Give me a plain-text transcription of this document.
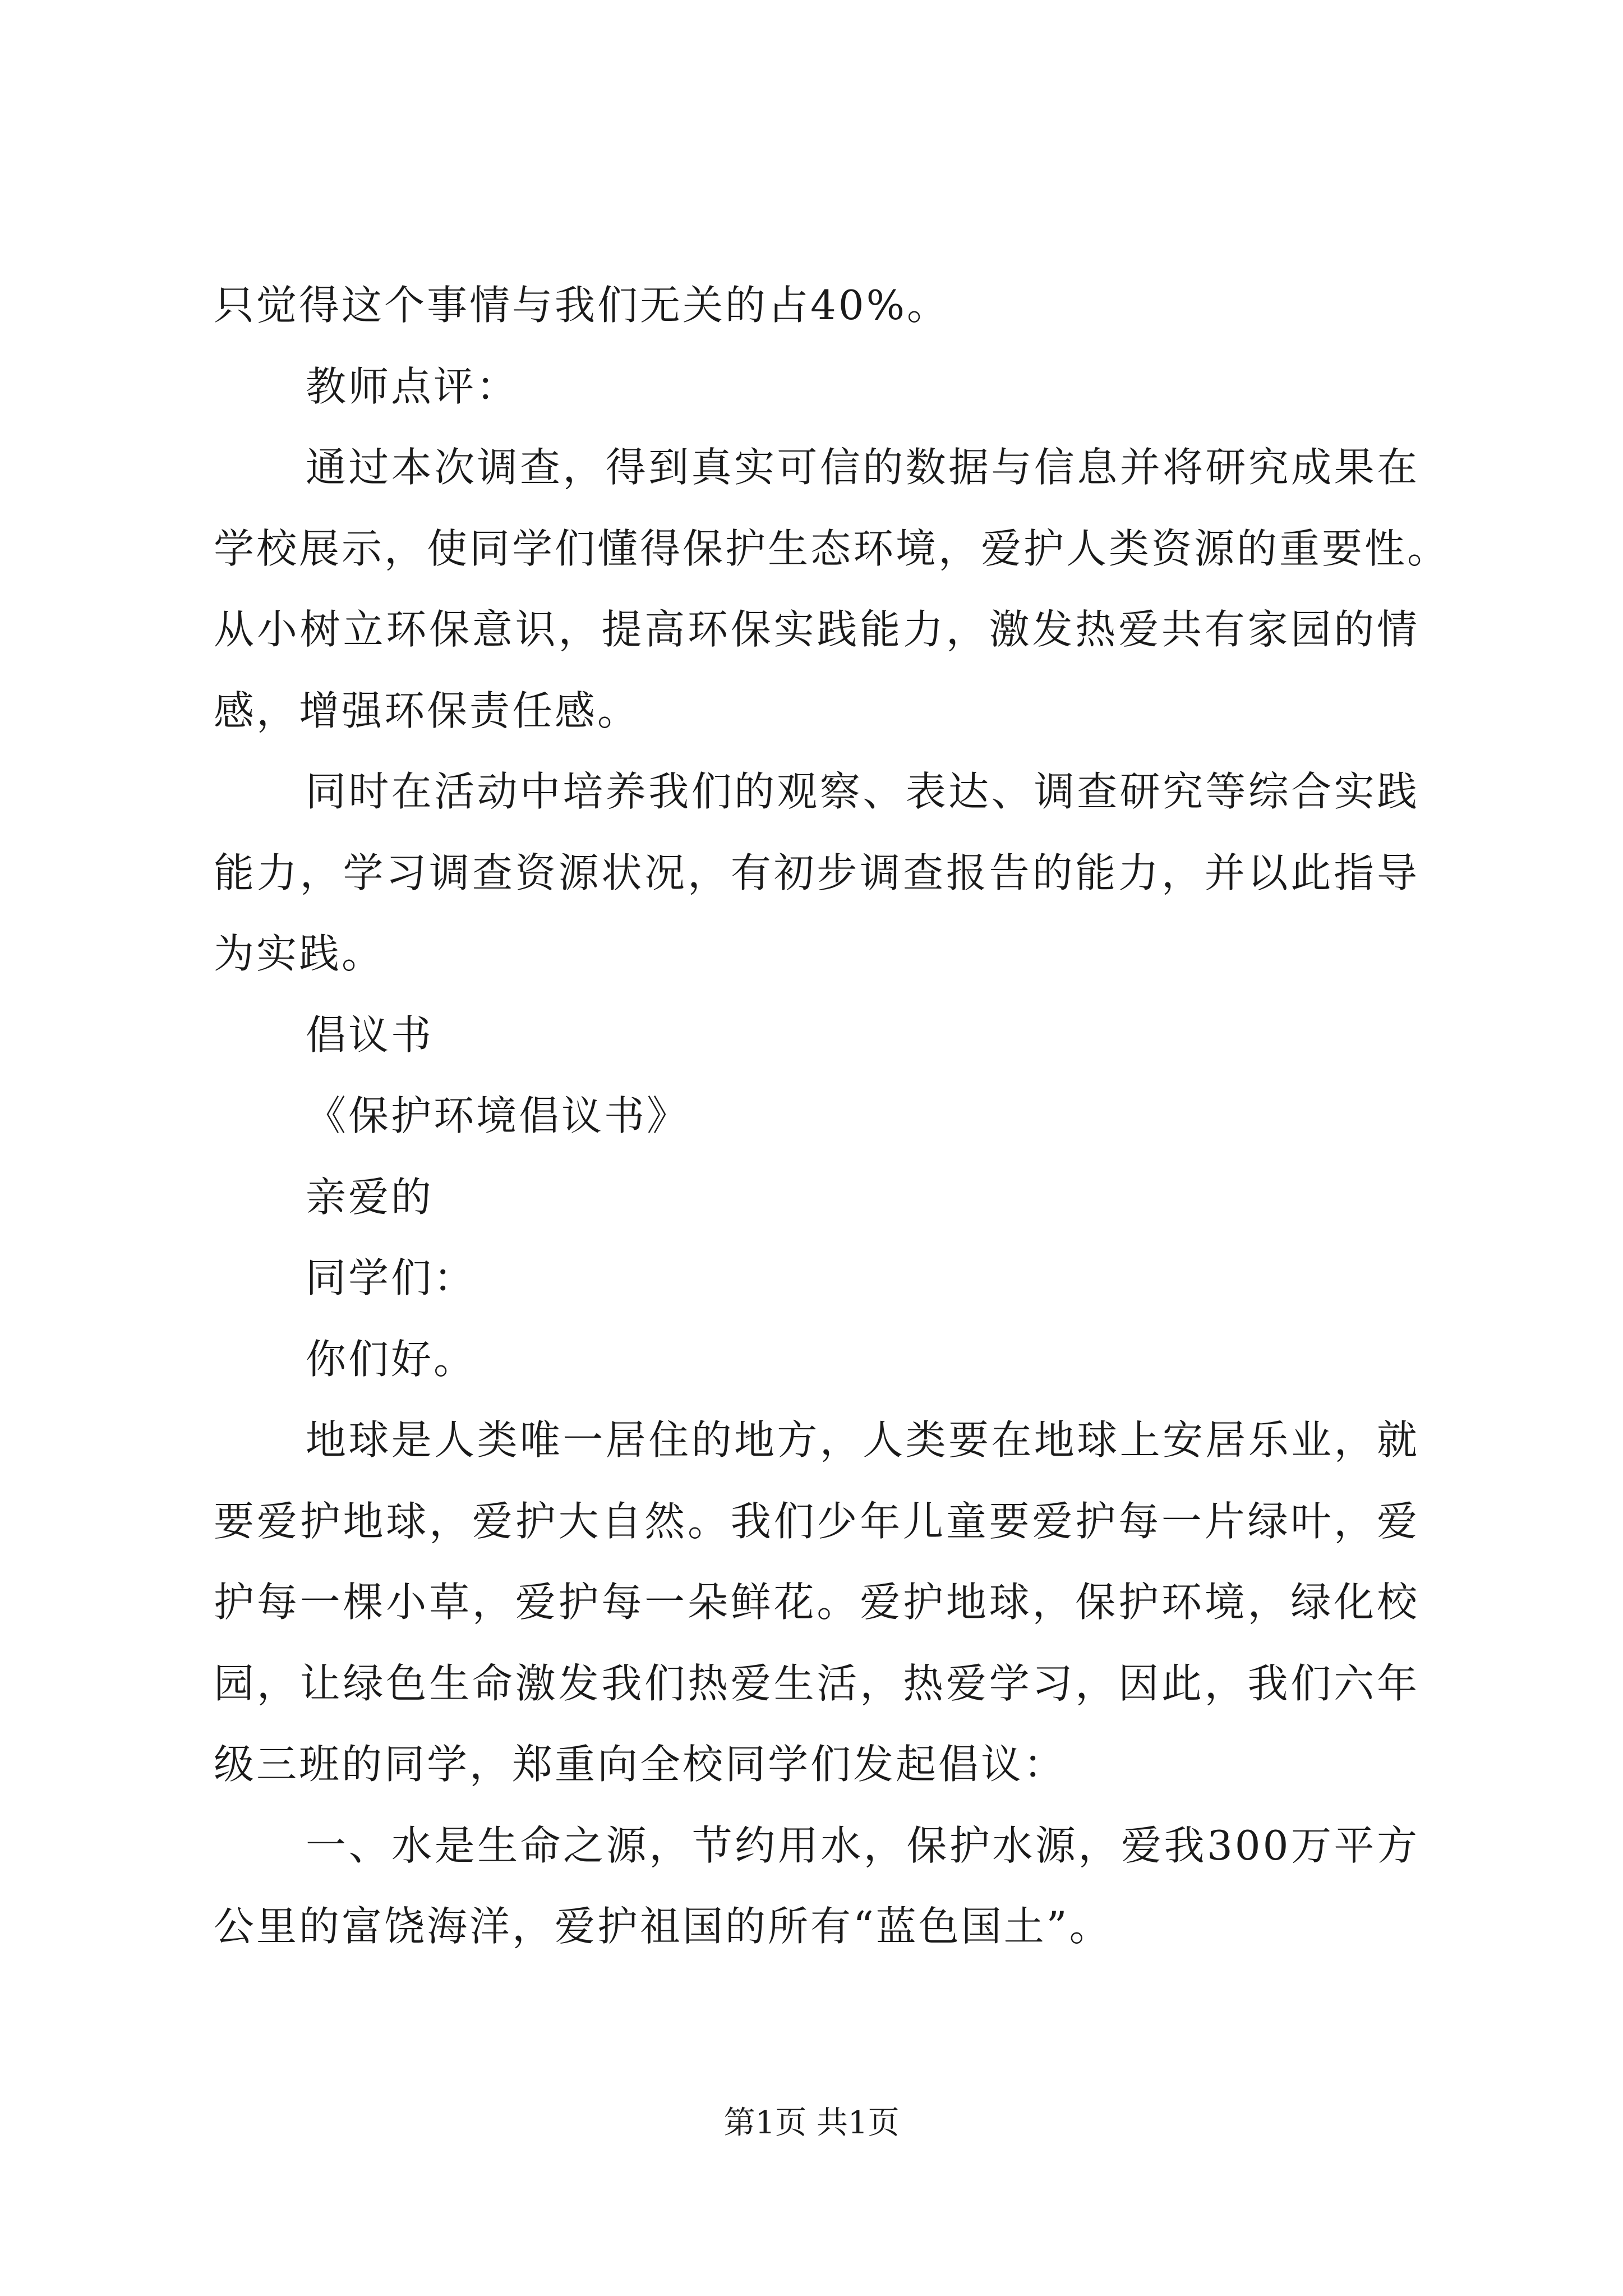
只觉得这个事情与我们无关的占40%。
教师点评：
通过本次调查，得到真实可信的数据与信息并将研究成果在
学校展示，使同学们懂得保护生态环境，爱护人类资源的重要性。
从小树立环保意识，提高环保实践能力，激发热爱共有家园的情
感，增强环保责任感。
同时在活动中培养我们的观察、表达、调查研究等综合实践
能力，学习调查资源状况，有初步调查报告的能力，并以此指导
为实践。
倡议书
《保护环境倡议书》
亲爱的
同学们：
你们好。
地球是人类唯一居住的地方，人类要在地球上安居乐业，就
要爱护地球，爱护大自然。我们少年儿童要爱护每一片绿叶，爱
护每一棵小草，爱护每一朵鲜花。爱护地球，保护环境，绿化校
园，让绿色生命激发我们热爱生活，热爱学习，因此，我们六年
级三班的同学，郑重向全校同学们发起倡议：
一、水是生命之源，节约用水，保护水源，爱我300万平方
公里的富饶海洋，爱护祖国的所有“蓝色国土”。
第1页 共1页
